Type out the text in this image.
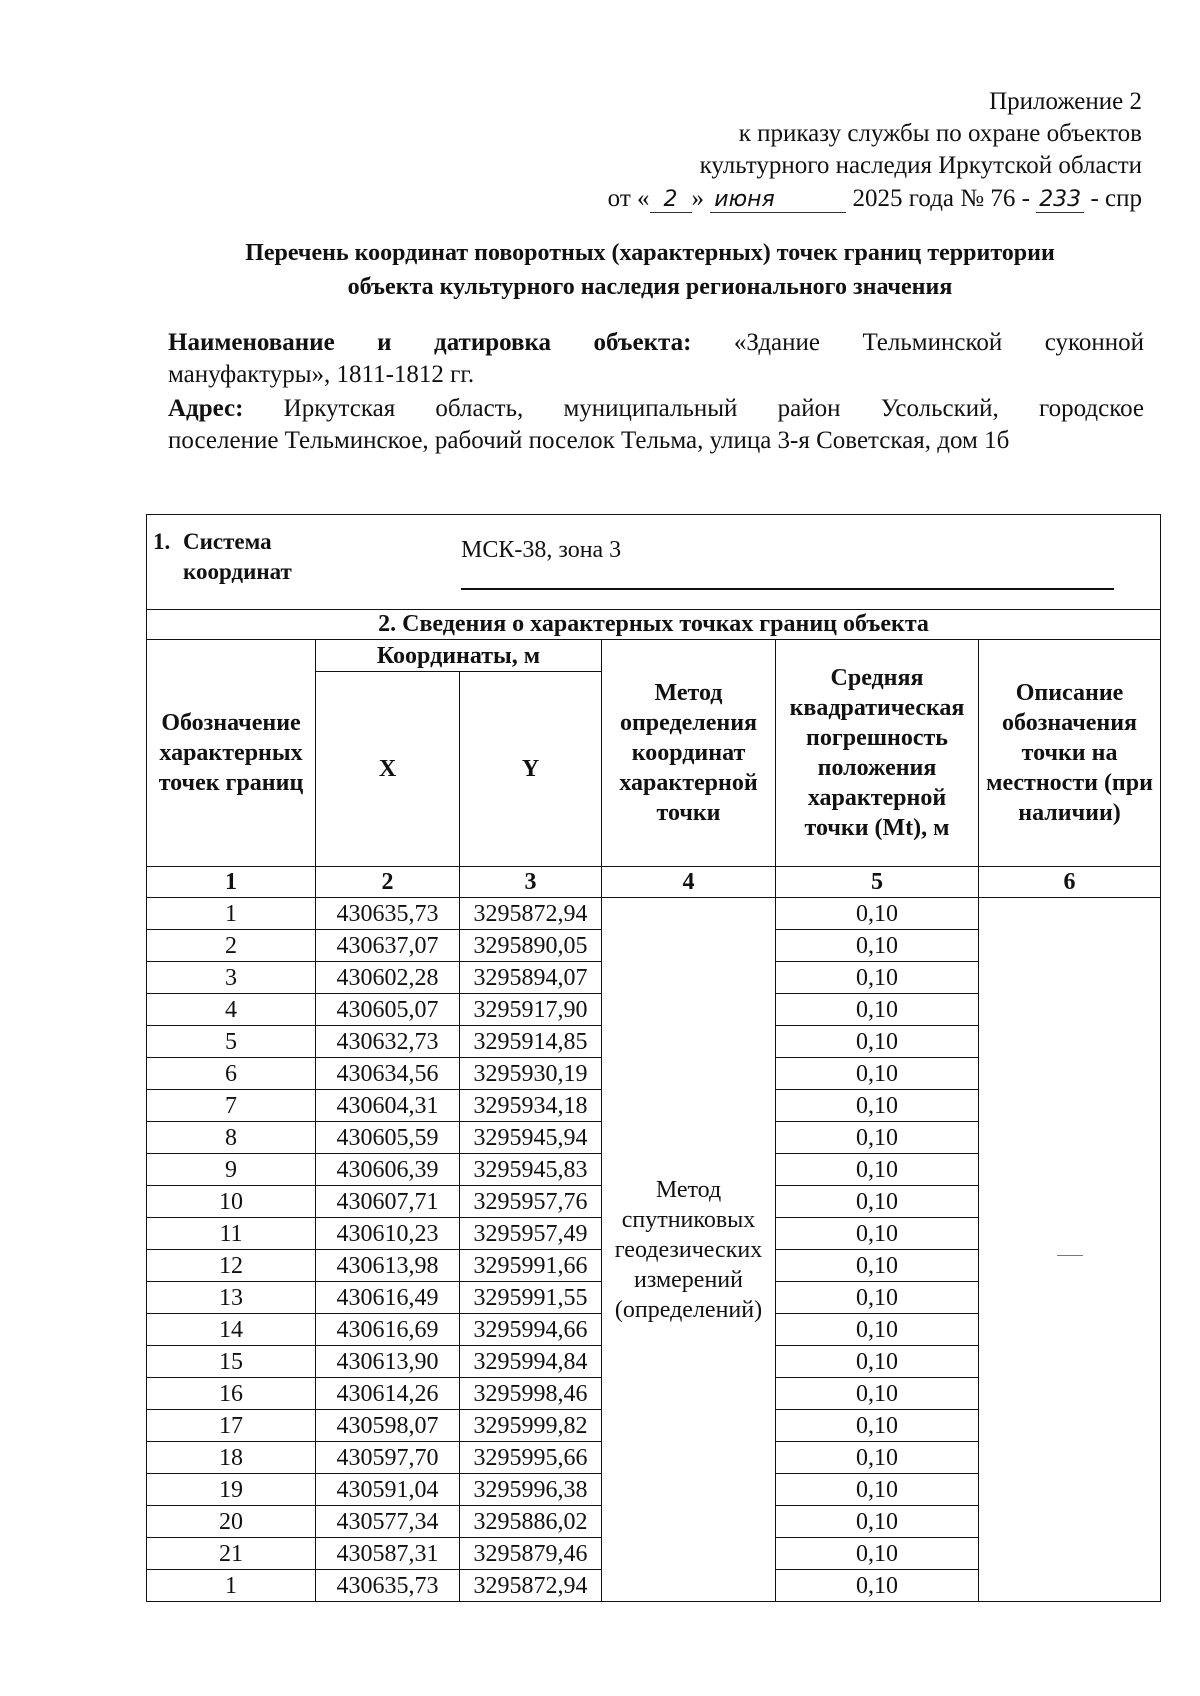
Приложение 2
к приказу службы по охране объектов
культурного наследия Иркутской области
от « 2 » июня	2025 года № 76 - 233 - спр
Перечень координат поворотных (характерных) точек границ территории
объекта культурного наследия регионального значения
Наименование и датировка объекта: «Здание Тельминской суконной
мануфактуры», 1811-1812 гг.
Адрес: Иркутская область, муниципальный район Усольский, городское
поселение Тельминское, рабочий поселок Тельма, улица 3-я Советская, дом 1б
1. Система
координат
МСК-38, зона 3					

2. Сведения о характерных точках границ объекта					
Обозначение характерных точек границ	Координаты, м		Метод определения координат характерной точки	Средняя квадратическая погрешность положения характерной точки (Mt), м	Описание обозначения точки на местности (при наличии)
	X	Y			
1	2	3	4	5	6
1	430635,73	3295872,94	Метод спутниковых геодезических измерений (определений)	0,10	
2	430637,07	3295890,05		0,10	
3	430602,28	3295894,07		0,10	
4	430605,07	3295917,90		0,10	
5	430632,73	3295914,85		0,10	
6	430634,56	3295930,19		0,10	
7	430604,31	3295934,18		0,10	
8	430605,59	3295945,94		0,10	
9	430606,39	3295945,83		0,10	
10	430607,71	3295957,76		0,10	
11	430610,23	3295957,49		0,10	
12	430613,98	3295991,66		0,10	
13	430616,49	3295991,55		0,10	
14	430616,69	3295994,66		0,10	
15	430613,90	3295994,84		0,10	
16	430614,26	3295998,46		0,10	
17	430598,07	3295999,82		0,10	
18	430597,70	3295995,66		0,10	
19	430591,04	3295996,38		0,10	
20	430577,34	3295886,02		0,10	
21	430587,31	3295879,46		0,10	
1	430635,73	3295872,94		0,10	
